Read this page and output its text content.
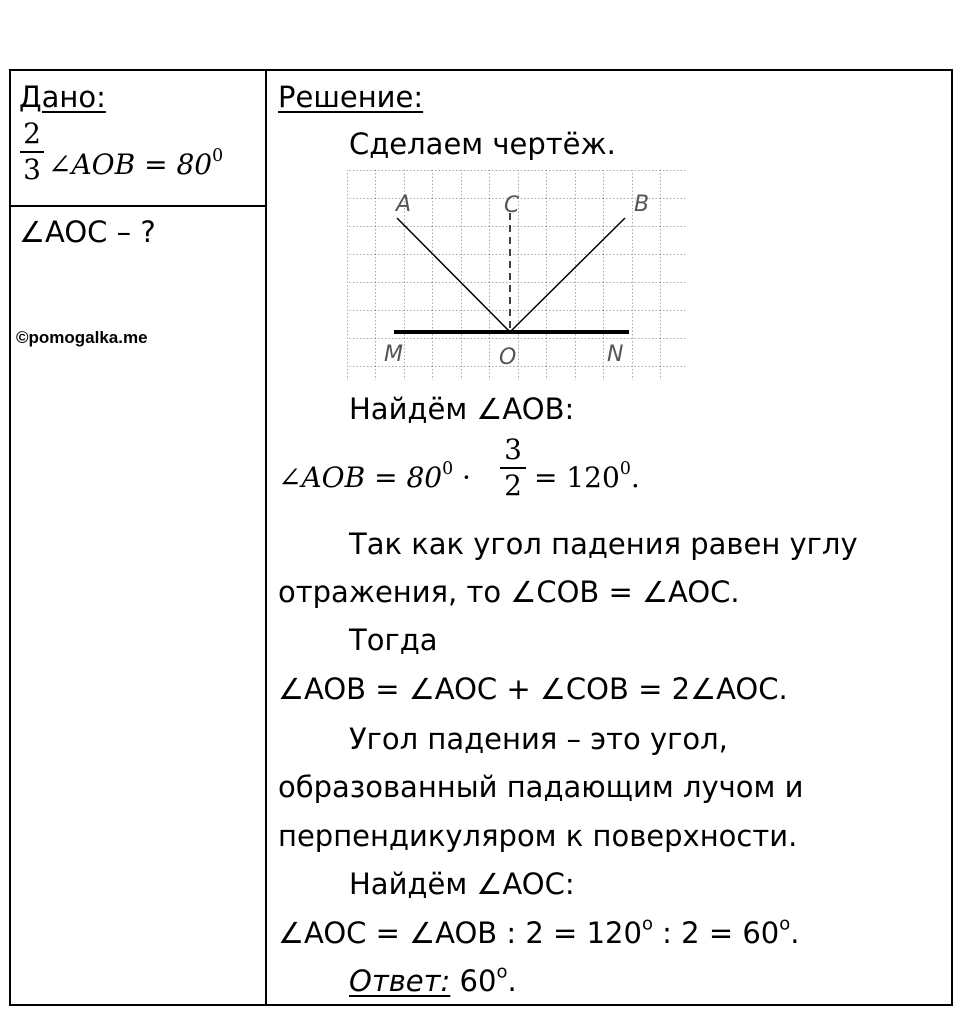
Дано:
2
3 ∠AOB = $80^0$
∠AOC – ?
©pomogalka.me
Решение:
Сделаем чертёж.
A	C	B
M	O	N
Найдём ∠AOB:
∠AOB = $80^0$ ·
3
$2 = 120^0$.
Так как угол падения равен углу
отражения, то ∠COB = ∠AOC.
Тогда
∠AOB = ∠AOC + ∠COB = 2∠AOC.
Угол падения – это угол,
образованный падающим лучом и
перпендикуляром к поверхности.
Найдём ∠AOC:
∠AOC = ∠AOB : $2 = 120^o$ : $2 = 60^o$.
Ответ: 60$^o$.
